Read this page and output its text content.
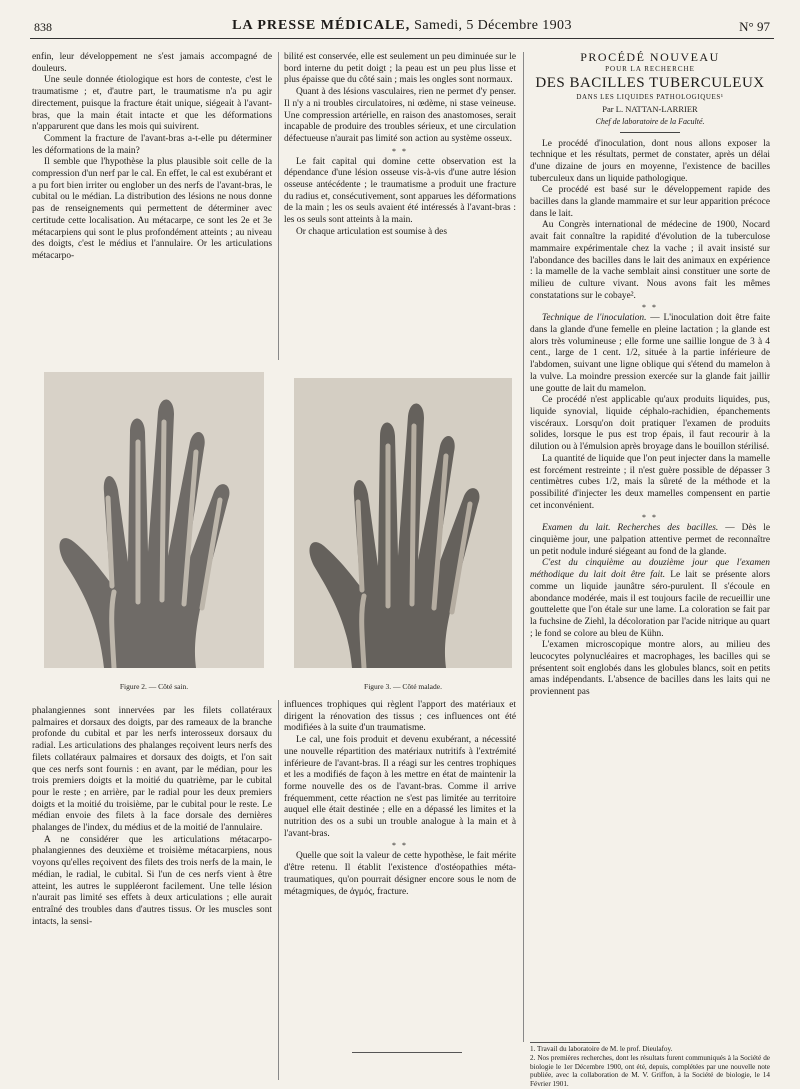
838	LA PRESSE MÉDICALE, Samedi, 5 Décembre 1903	N° 97

enfin, leur développement ne s'est jamais accompagné de douleurs.

Une seule donnée étiologique est hors de conteste, c'est le traumatisme ; et, d'autre part, le traumatisme n'a pu agir directement, puisque la fracture était unique, siégeait à l'avant-bras, que la main était intacte et que les déformations n'apparurent que dans les mois qui suivirent.

Comment la fracture de l'avant-bras a-t-elle pu déterminer les déformations de la main?

Il semble que l'hypothèse la plus plausible soit celle de la compression d'un nerf par le cal. En effet, le cal est exubérant et a pu fort bien irriter ou englober un des nerfs de l'avant-bras, le cubital ou le médian. La distribution des lésions ne nous donne pas de renseignements qui permettent de déterminer avec certitude cette localisation. Au métacarpe, ce sont les 2e et 3e métacarpiens qui sont le plus profondément atteints ; au niveau des doigts, c'est le médius et l'annulaire. Or les articulations métacarpo-

bilité est conservée, elle est seulement un peu diminuée sur le bord interne du petit doigt ; la peau est un peu plus lisse et plus épaisse que du côté sain ; mais les ongles sont normaux.

Quant à des lésions vasculaires, rien ne permet d'y penser. Il n'y a ni troubles circulatoires, ni œdème, ni stase veineuse. Une compression artérielle, en raison des anastomoses, serait incapable de produire des troubles sérieux, et une circulation défectueuse n'aurait pas limité son action au système osseux.

* *

Le fait capital qui domine cette observation est la dépendance d'une lésion osseuse vis-à-vis d'une autre lésion osseuse antécédente ; le traumatisme a produit une fracture du radius et, consécutivement, sont apparues les déformations de la main ; les os seuls avaient été intéressés à l'avant-bras : les os seuls sont atteints à la main.

Or chaque articulation est soumise à des

Figure 2. — Côté sain.	Figure 3. — Côté malade.

phalangiennes sont innervées par les filets collatéraux palmaires et dorsaux des doigts, par des rameaux de la branche profonde du cubital et par les nerfs interosseux dorsaux du radial. Les articulations des phalanges reçoivent leurs nerfs des filets collatéraux palmaires et dorsaux des doigts, et l'on sait que ces nerfs sont fournis : en avant, par le médian, pour les trois premiers doigts et la moitié du quatrième, par le cubital pour le reste ; en arrière, par le radial pour les deux premiers doigts et la moitié du troisième, par le cubital pour le reste. Le médian envoie des filets à la face dorsale des dernières phalanges de l'index, du médius et de la moitié de l'annulaire.

A ne considérer que les articulations métacarpo-phalangiennes des deuxième et troisième métacarpiens, nous voyons qu'elles reçoivent des filets des trois nerfs de la main, le médian, le radial, le cubital. Si l'un de ces nerfs vient à être atteint, les autres le suppléeront facilement. Une telle lésion n'aurait pas limité ses effets à deux articulations ; elle aurait entraîné des troubles dans d'autres tissus. Or les muscles sont intacts, la sensi-

influences trophiques qui règlent l'apport des matériaux et dirigent la rénovation des tissus ; ces influences ont été modifiées à la suite d'un traumatisme.

Le cal, une fois produit et devenu exubérant, a nécessité une nouvelle répartition des matériaux nutritifs à l'extrémité inférieure de l'avant-bras. Il a réagi sur les centres trophiques et les a modifiés de façon à les mettre en état de maintenir la forme nouvelle des os de l'avant-bras. Comme il arrive fréquemment, cette réaction ne s'est pas limitée au territoire auquel elle était destinée ; elle en a dépassé les limites et la nutrition des os a subi un trouble analogue à la main et à l'avant-bras.

* *

Quelle que soit la valeur de cette hypothèse, le fait mérite d'être retenu. Il établit l'existence d'ostéopathies méta-traumatiques, qu'on pourrait désigner encore sous le nom de métagmiques, de ἀγμός, fracture.

PROCÉDÉ NOUVEAU
POUR LA RECHERCHE
DES BACILLES TUBERCULEUX
DANS LES LIQUIDES PATHOLOGIQUES¹
Par L. NATTAN-LARRIER
Chef de laboratoire de la Faculté.

Le procédé d'inoculation, dont nous allons exposer la technique et les résultats, permet de constater, après un délai d'une dizaine de jours en moyenne, l'existence de bacilles tuberculeux dans un liquide pathologique.

Ce procédé est basé sur le développement rapide des bacilles dans la glande mammaire et sur leur apparition précoce dans le lait.

Au Congrès international de médecine de 1900, Nocard avait fait connaître la rapidité d'évolution de la tuberculose mammaire expérimentale chez la vache ; il avait insisté sur l'abondance des bacilles dans le lait des animaux en expérience : la mamelle de la vache semblait ainsi constituer une sorte de milieu de culture vivant. Nous avons fait les mêmes constatations sur le cobaye².

* *

Technique de l'inoculation. — L'inoculation doit être faite dans la glande d'une femelle en pleine lactation ; la glande est alors très volumineuse ; elle forme une saillie longue de 3 à 4 cent., large de 1 cent. 1/2, située à la partie inférieure de l'abdomen, suivant une ligne oblique qui s'étend du mamelon à la vulve. La moindre pression exercée sur la glande fait jaillir une goutte de lait du mamelon.

Ce procédé n'est applicable qu'aux produits liquides, pus, liquide synovial, liquide céphalo-rachidien, épanchements viscéraux. Lorsqu'on doit pratiquer l'examen de produits solides, lorsque le pus est trop épais, il faut recourir à la dilution ou à l'émulsion après broyage dans le bouillon stérilisé.

La quantité de liquide que l'on peut injecter dans la mamelle est forcément restreinte ; il n'est guère possible de dépasser 3 centimètres cubes 1/2, mais la sûreté de la méthode et la possibilité d'injecter les deux mamelles compensent en partie cet inconvénient.

* *

Examen du lait. Recherches des bacilles. — Dès le cinquième jour, une palpation attentive permet de reconnaître un petit nodule induré siégeant au fond de la glande.

C'est du cinquième au douzième jour que l'examen méthodique du lait doit être fait. Le lait se présente alors comme un liquide jaunâtre séro-purulent. Il s'écoule en abondance modérée, mais il est toujours facile de recueillir une gouttelette que l'on étale sur une lame. La coloration se fait par la fuchsine de Ziehl, la décoloration par l'acide nitrique au quart ; le fond se colore au bleu de Kühn.

L'examen microscopique montre alors, au milieu des leucocytes polynucléaires et macrophages, les bacilles qui se présentent soit englobés dans les globules blancs, soit en petits amas indépendants. L'absence de bacilles dans les laits qui ne proviennent pas

1. Travail du laboratoire de M. le prof. Dieulafoy.
2. Nos premières recherches, dont les résultats furent communiqués à la Société de biologie le 1er Décembre 1900, ont été, depuis, complétées par une nouvelle note publiée, avec la collaboration de M. V. Griffon, à la Société de biologie, le 14 Février 1901.
